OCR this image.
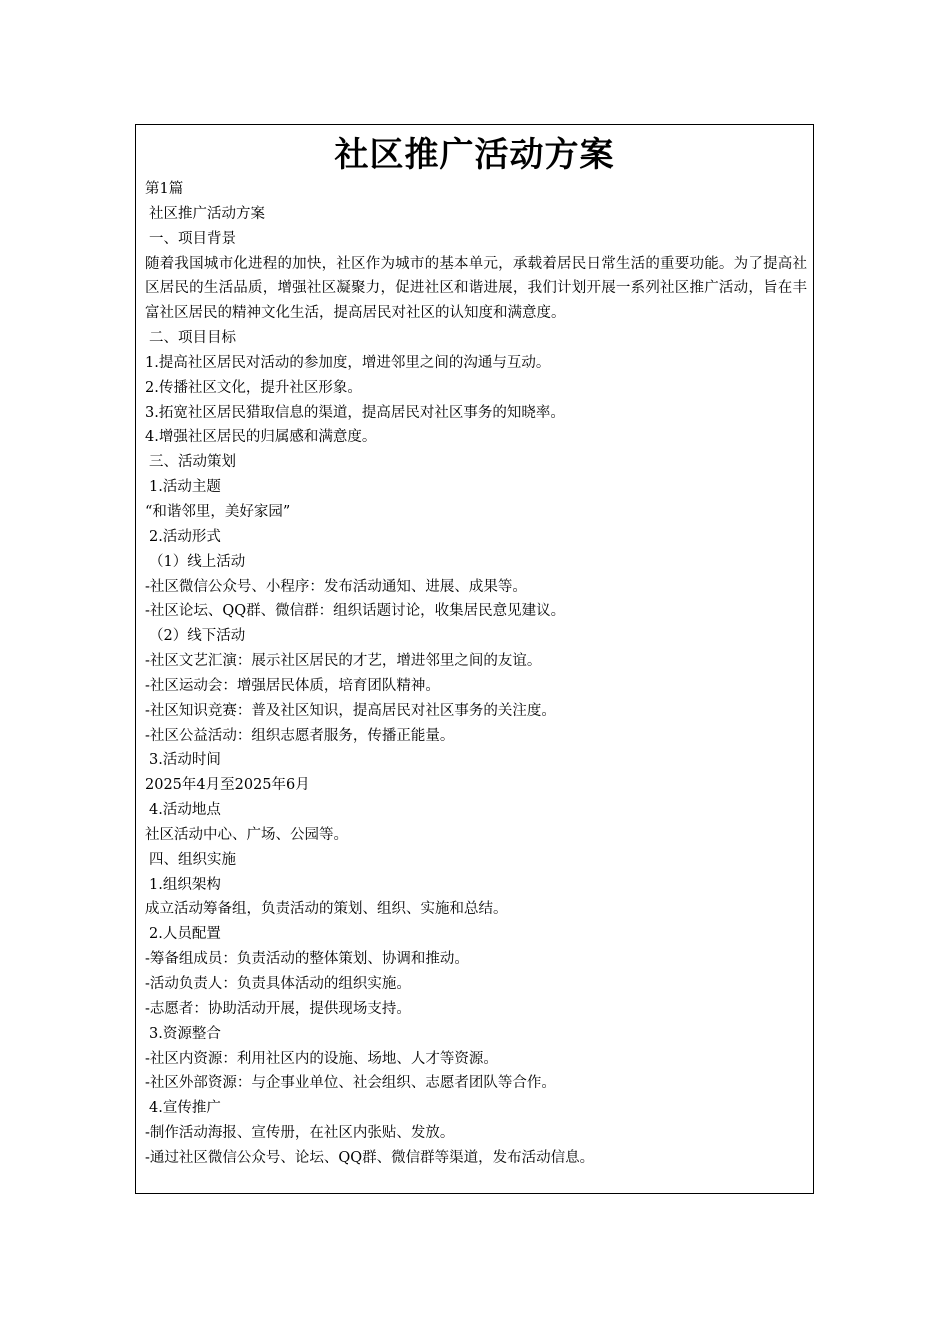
社区推广活动方案
第1篇
社区推广活动方案
一、项目背景
随着我国城市化进程的加快，社区作为城市的基本单元，承载着居民日常生活的重要功能。为了提高社区居民的生活品质，增强社区凝聚力，促进社区和谐进展，我们计划开展一系列社区推广活动，旨在丰富社区居民的精神文化生活，提高居民对社区的认知度和满意度。
二、项目目标
1.提高社区居民对活动的参加度，增进邻里之间的沟通与互动。
2.传播社区文化，提升社区形象。
3.拓宽社区居民猎取信息的渠道，提高居民对社区事务的知晓率。
4.增强社区居民的归属感和满意度。
三、活动策划
1.活动主题
“和谐邻里，美好家园”
2.活动形式
（1）线上活动
-社区微信公众号、小程序：发布活动通知、进展、成果等。
-社区论坛、QQ群、微信群：组织话题讨论，收集居民意见建议。
（2）线下活动
-社区文艺汇演：展示社区居民的才艺，增进邻里之间的友谊。
-社区运动会：增强居民体质，培育团队精神。
-社区知识竞赛：普及社区知识，提高居民对社区事务的关注度。
-社区公益活动：组织志愿者服务，传播正能量。
3.活动时间
2025年4月至2025年6月
4.活动地点
社区活动中心、广场、公园等。
四、组织实施
1.组织架构
成立活动筹备组，负责活动的策划、组织、实施和总结。
2.人员配置
-筹备组成员：负责活动的整体策划、协调和推动。
-活动负责人：负责具体活动的组织实施。
-志愿者：协助活动开展，提供现场支持。
3.资源整合
-社区内资源：利用社区内的设施、场地、人才等资源。
-社区外部资源：与企事业单位、社会组织、志愿者团队等合作。
4.宣传推广
-制作活动海报、宣传册，在社区内张贴、发放。
-通过社区微信公众号、论坛、QQ群、微信群等渠道，发布活动信息。
